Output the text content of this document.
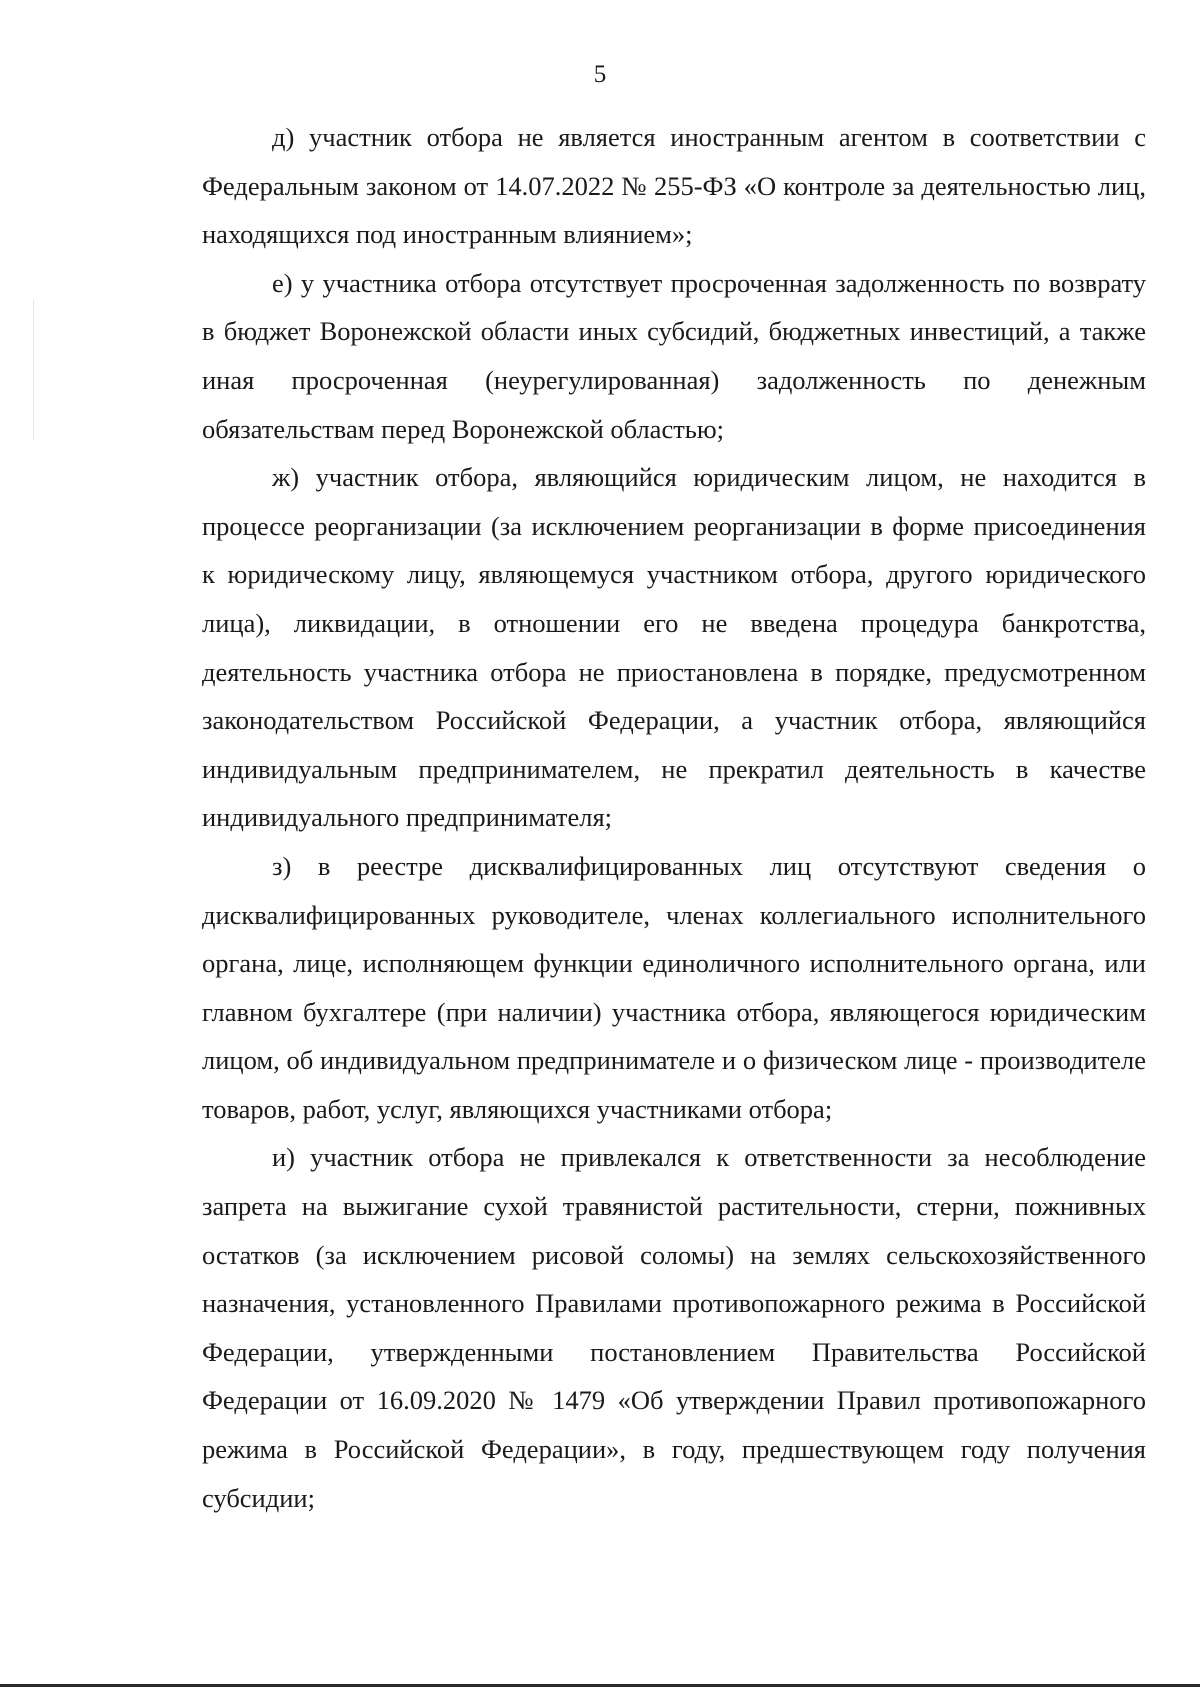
5

д) участник отбора не является иностранным агентом в соответствии с Федеральным законом от 14.07.2022 № 255-ФЗ «О контроле за деятельностью лиц, находящихся под иностранным влиянием»;

е) у участника отбора отсутствует просроченная задолженность по возврату в бюджет Воронежской области иных субсидий, бюджетных инвестиций, а также иная просроченная (неурегулированная) задолженность по денежным обязательствам перед Воронежской областью;

ж) участник отбора, являющийся юридическим лицом, не находится в процессе реорганизации (за исключением реорганизации в форме присоединения к юридическому лицу, являющемуся участником отбора, другого юридического лица), ликвидации, в отношении его не введена процедура банкротства, деятельность участника отбора не приостановлена в порядке, предусмотренном законодательством Российской Федерации, а участник отбора, являющийся индивидуальным предпринимателем, не прекратил деятельность в качестве индивидуального предпринимателя;

з) в реестре дисквалифицированных лиц отсутствуют сведения о дисквалифицированных руководителе, членах коллегиального исполнительного органа, лице, исполняющем функции единоличного исполнительного органа, или главном бухгалтере (при наличии) участника отбора, являющегося юридическим лицом, об индивидуальном предпринимателе и о физическом лице - производителе товаров, работ, услуг, являющихся участниками отбора;

и) участник отбора не привлекался к ответственности за несоблюдение запрета на выжигание сухой травянистой растительности, стерни, пожнивных остатков (за исключением рисовой соломы) на землях сельскохозяйственного назначения, установленного Правилами противопожарного режима в Российской Федерации, утвержденными постановлением Правительства Российской Федерации от 16.09.2020 № 1479 «Об утверждении Правил противопожарного режима в Российской Федерации», в году, предшествующем году получения субсидии;
